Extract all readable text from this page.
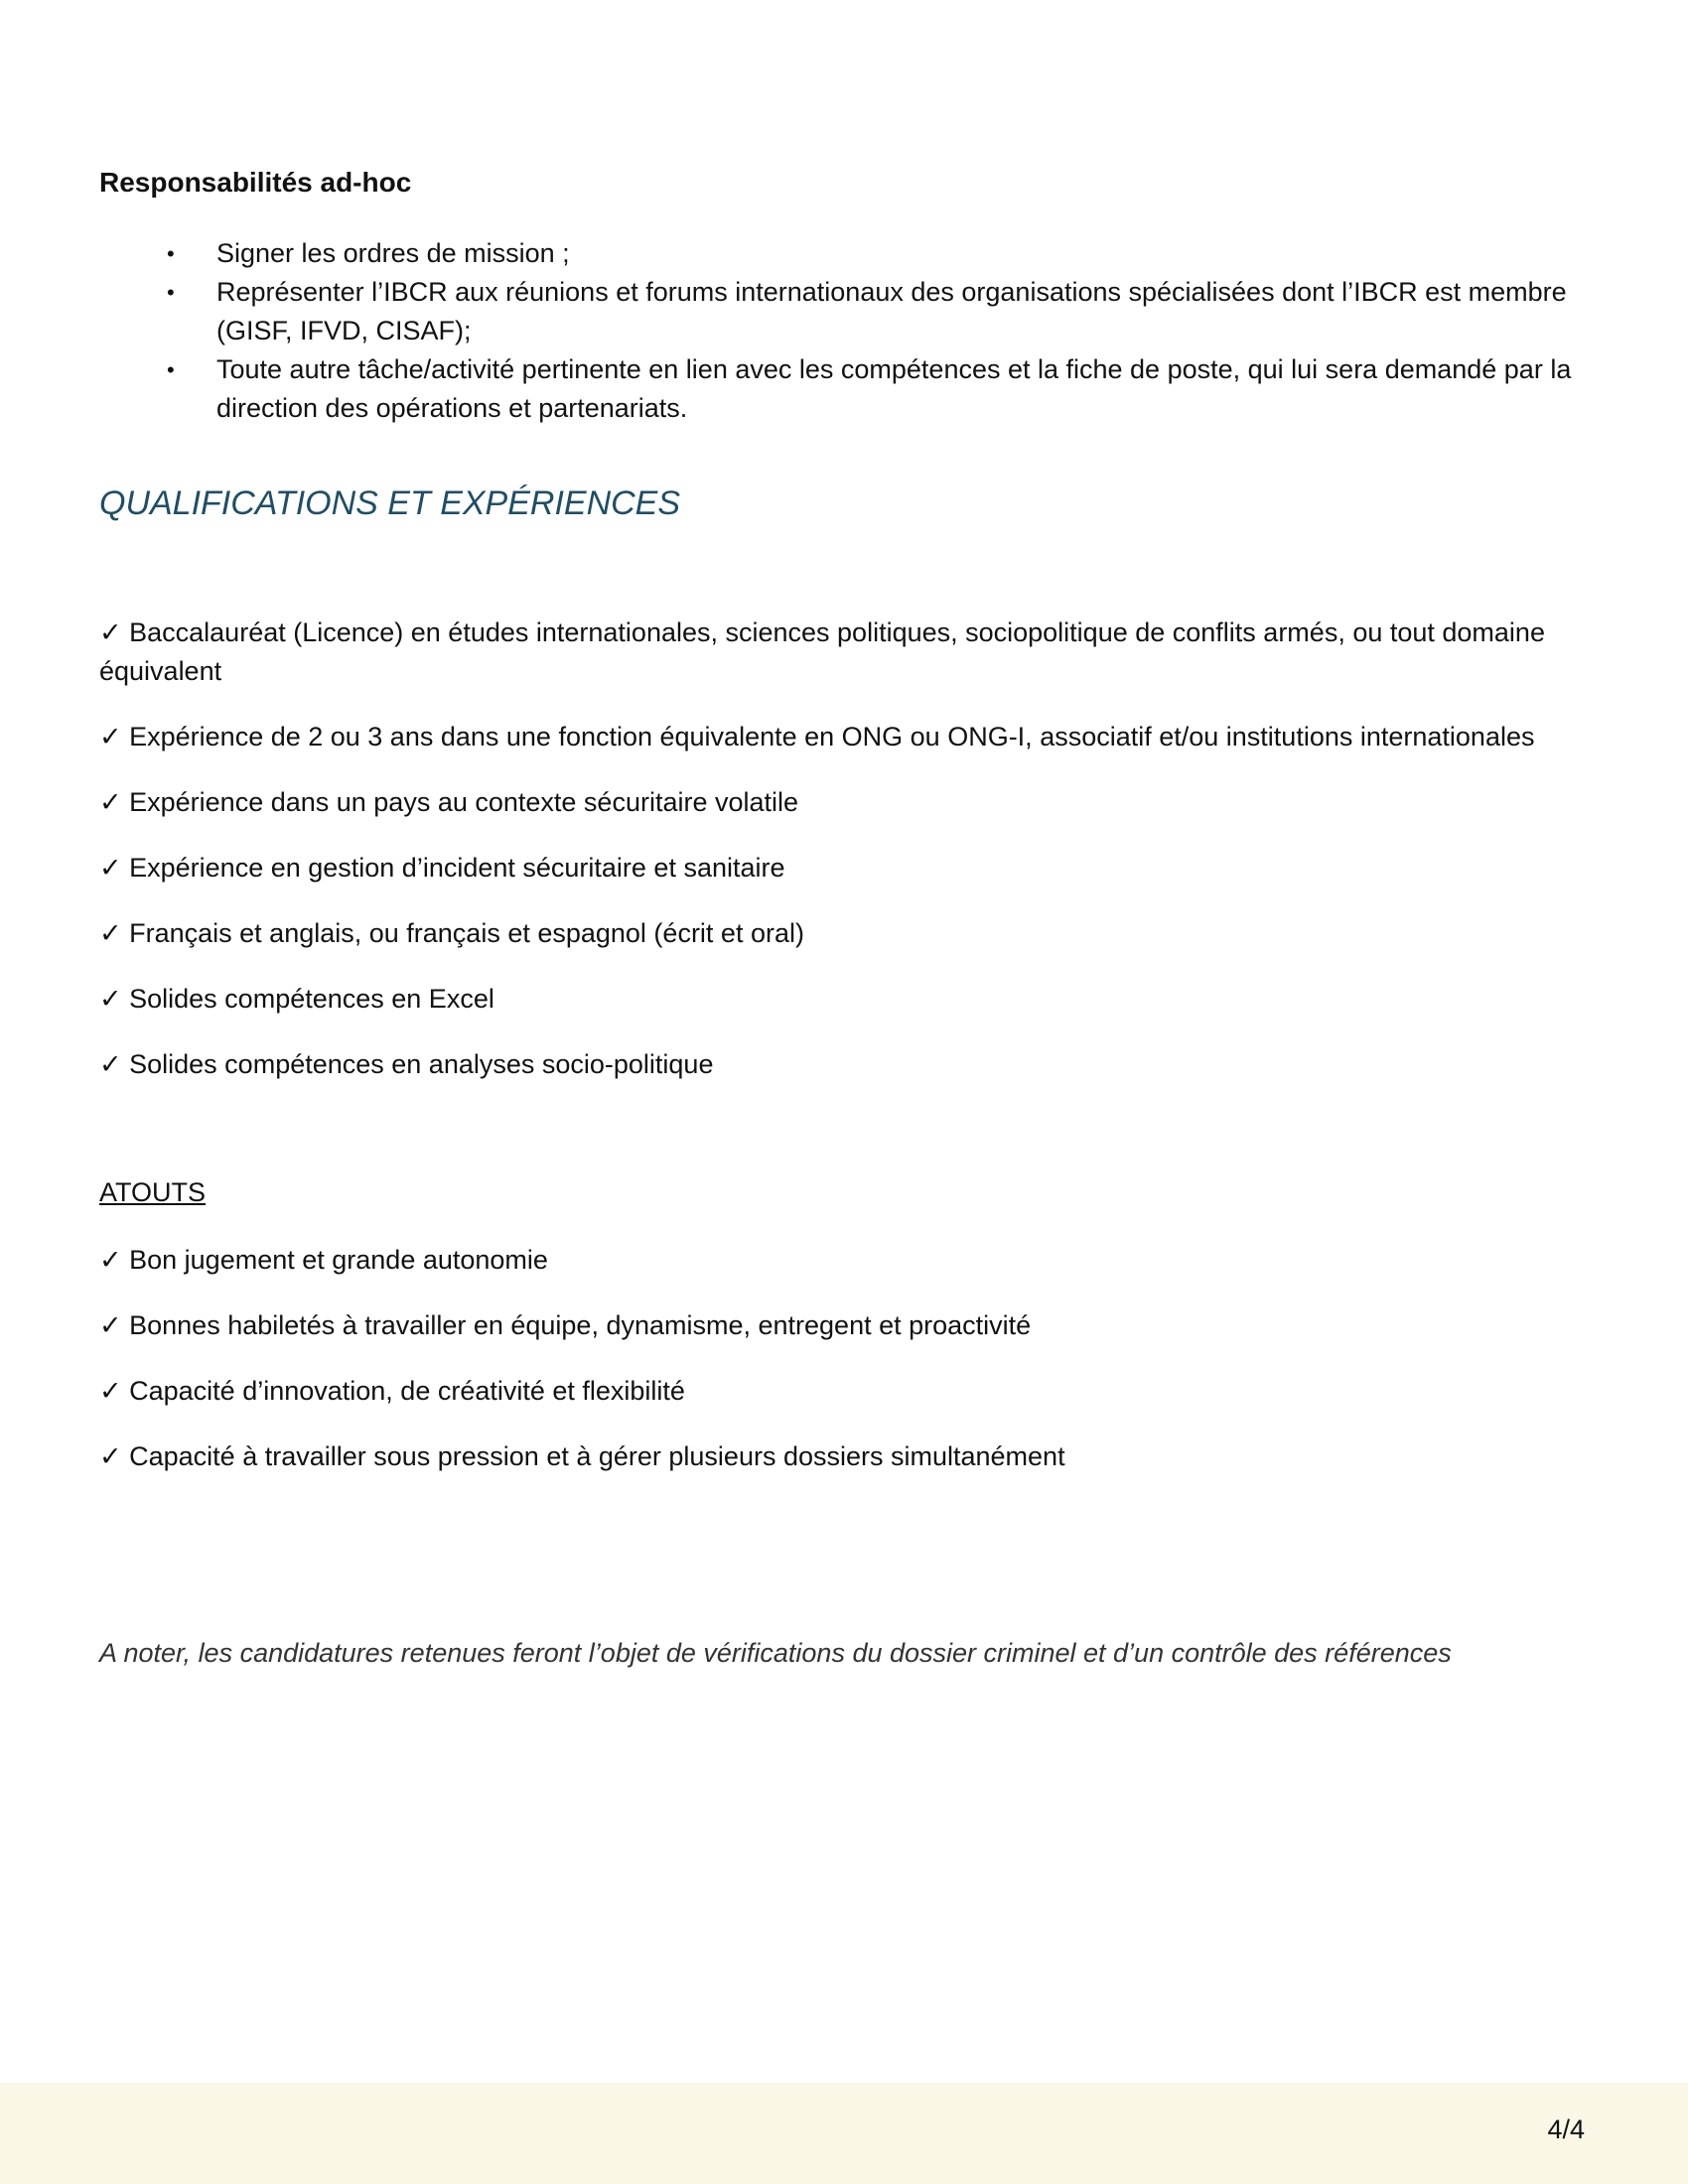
Responsabilités ad-hoc
• Signer les ordres de mission ;
• Représenter l’IBCR aux réunions et forums internationaux des organisations spécialisées dont l’IBCR est membre (GISF, IFVD, CISAF);
• Toute autre tâche/activité pertinente en lien avec les compétences et la fiche de poste, qui lui sera demandé par la direction des opérations et partenariats.
QUALIFICATIONS ET EXPÉRIENCES

✓ Baccalauréat (Licence) en études internationales, sciences politiques, sociopolitique de conflits armés, ou tout domaine équivalent

✓ Expérience de 2 ou 3 ans dans une fonction équivalente en ONG ou ONG-I, associatif et/ou institutions internationales

✓ Expérience dans un pays au contexte sécuritaire volatile

✓ Expérience en gestion d’incident sécuritaire et sanitaire

✓ Français et anglais, ou français et espagnol (écrit et oral)

✓ Solides compétences en Excel

✓ Solides compétences en analyses socio-politique

ATOUTS

✓ Bon jugement et grande autonomie

✓ Bonnes habiletés à travailler en équipe, dynamisme, entregent et proactivité

✓ Capacité d’innovation, de créativité et flexibilité

✓ Capacité à travailler sous pression et à gérer plusieurs dossiers simultanément

A noter, les candidatures retenues feront l’objet de vérifications du dossier criminel et d’un contrôle des références
4/4
